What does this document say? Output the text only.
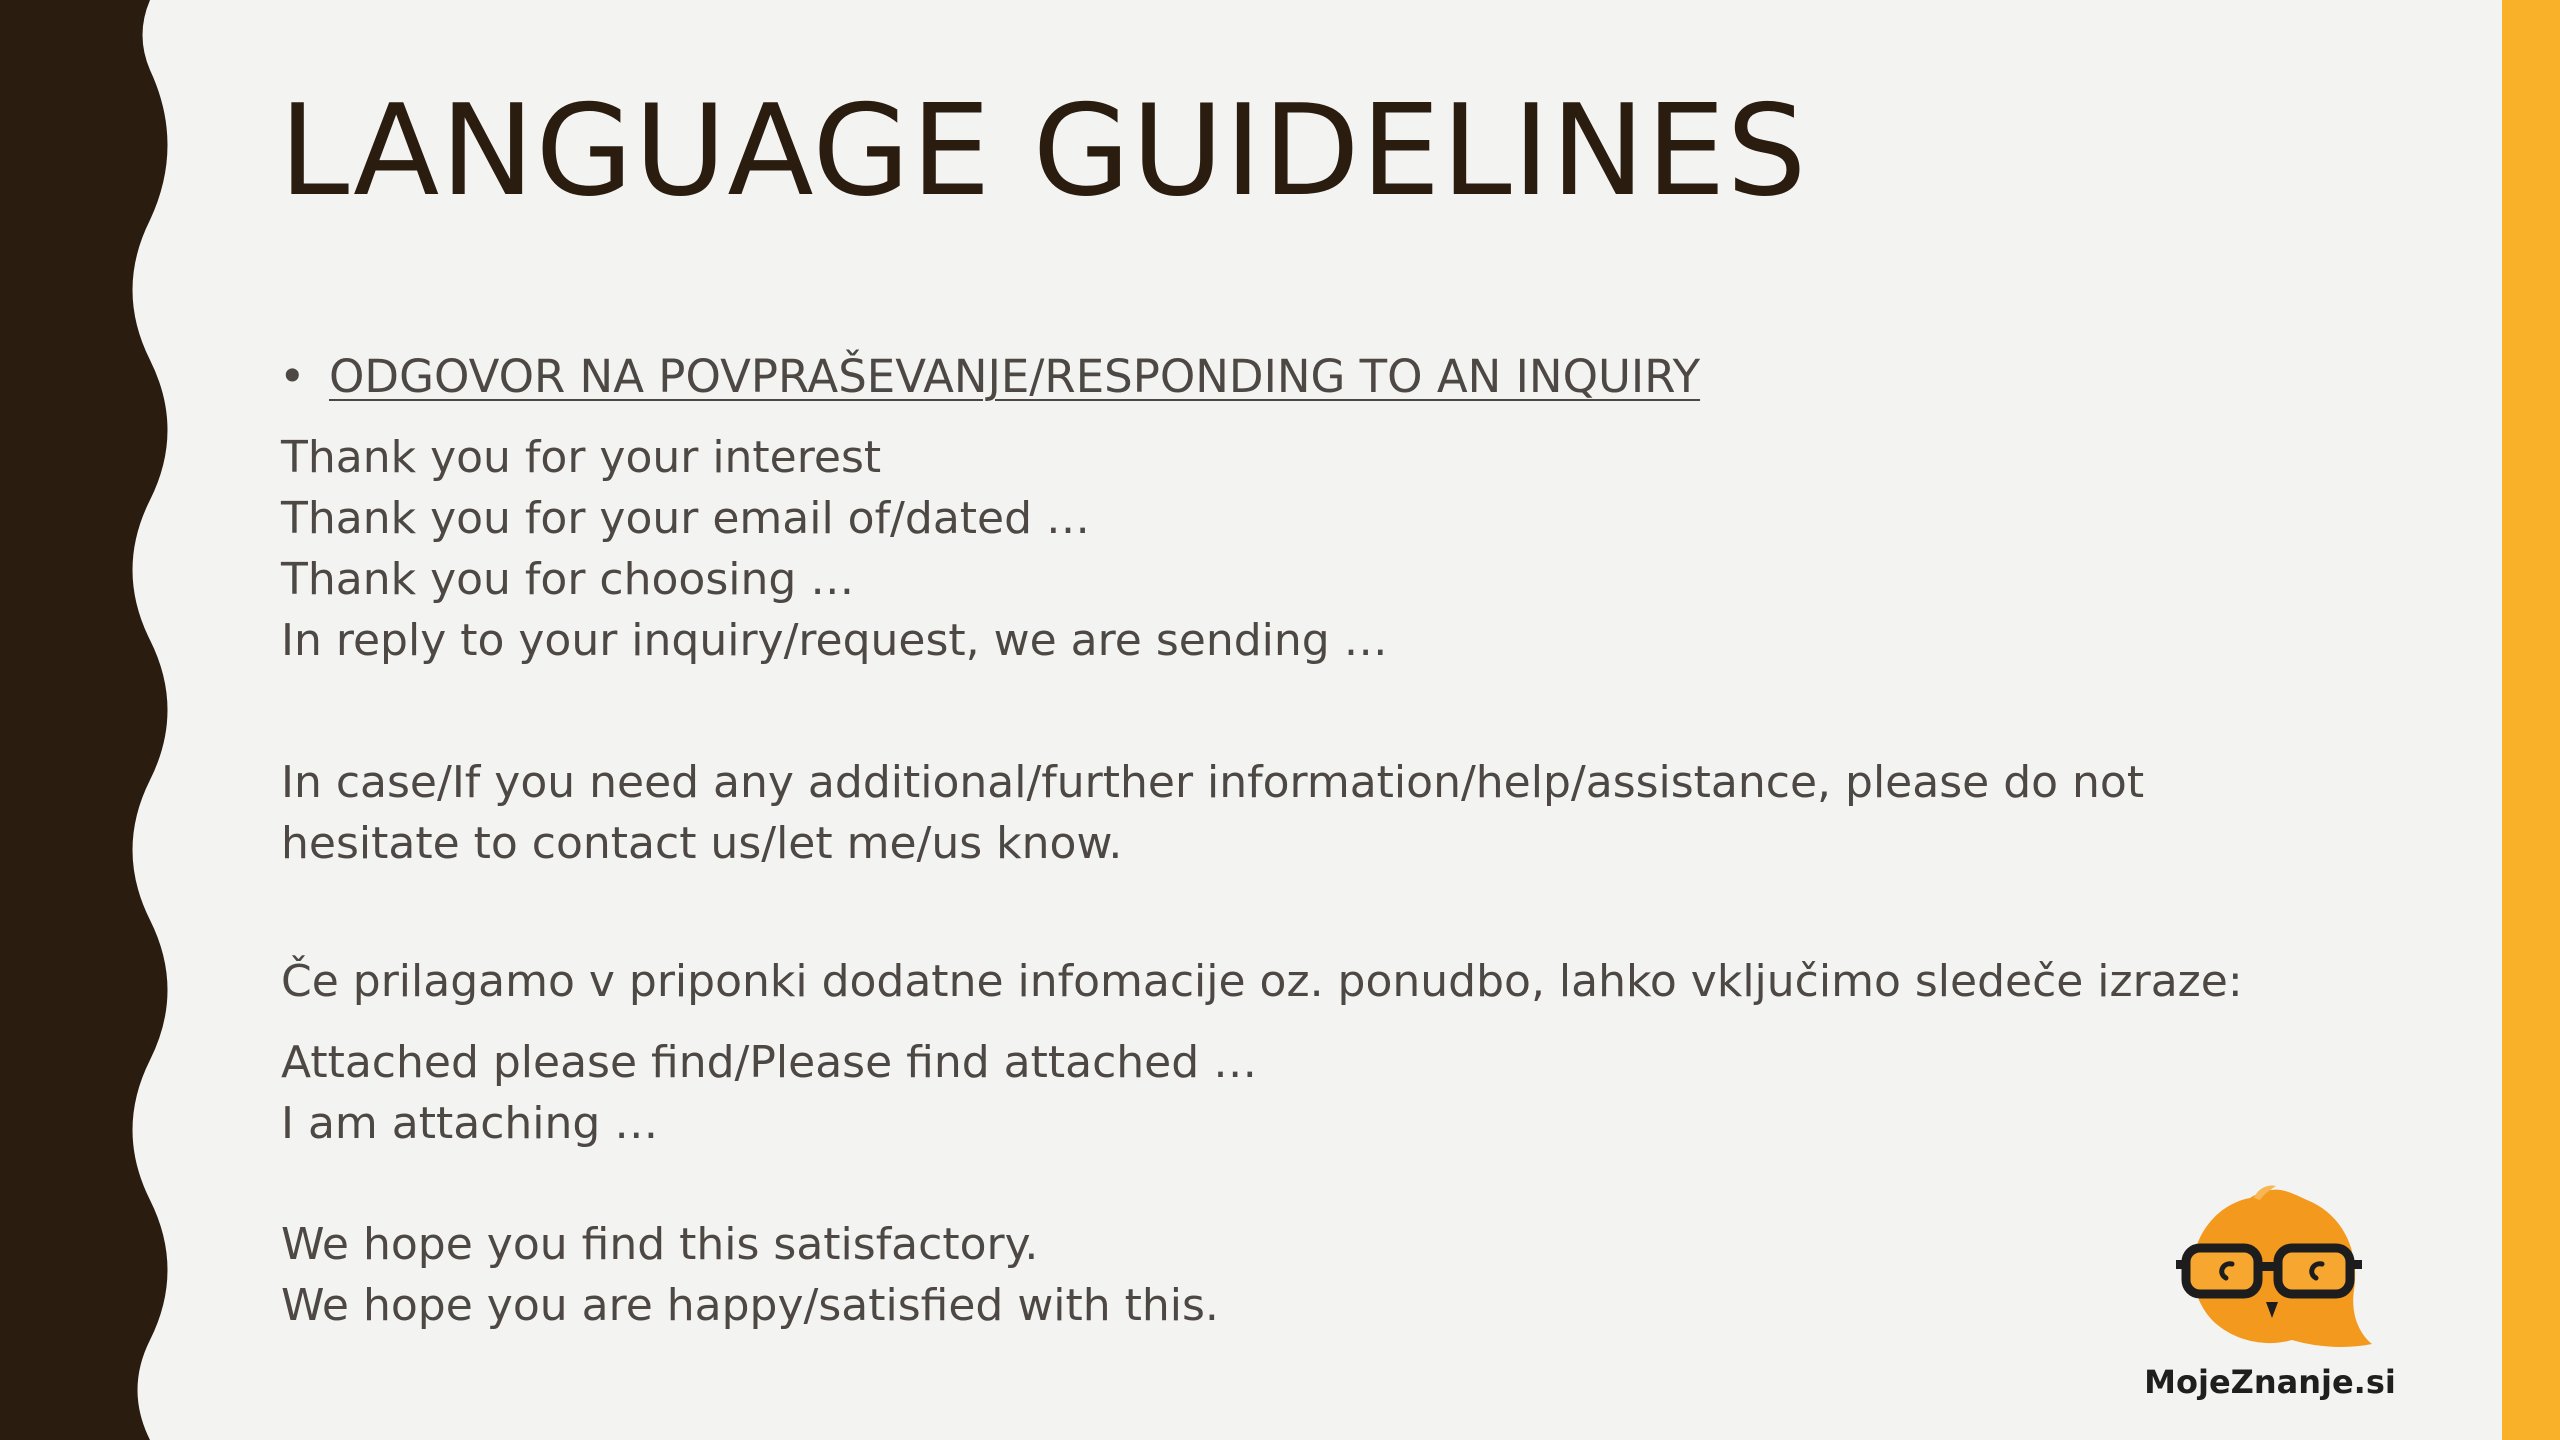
LANGUAGE GUIDELINES
• ODGOVOR NA POVPRAŠEVANJE/RESPONDING TO AN INQUIRY
Thank you for your interest
Thank you for your email of/dated …
Thank you for choosing …
In reply to your inquiry/request, we are sending …
In case/If you need any additional/further information/help/assistance, please do not hesitate to contact us/let me/us know.
Če prilagamo v priponki dodatne infomacije oz. ponudbo, lahko vključimo sledeče izraze:
Attached please find/Please find attached …
I am attaching …
We hope you find this satisfactory.
We hope you are happy/satisfied with this.
MojeZnanje.si
